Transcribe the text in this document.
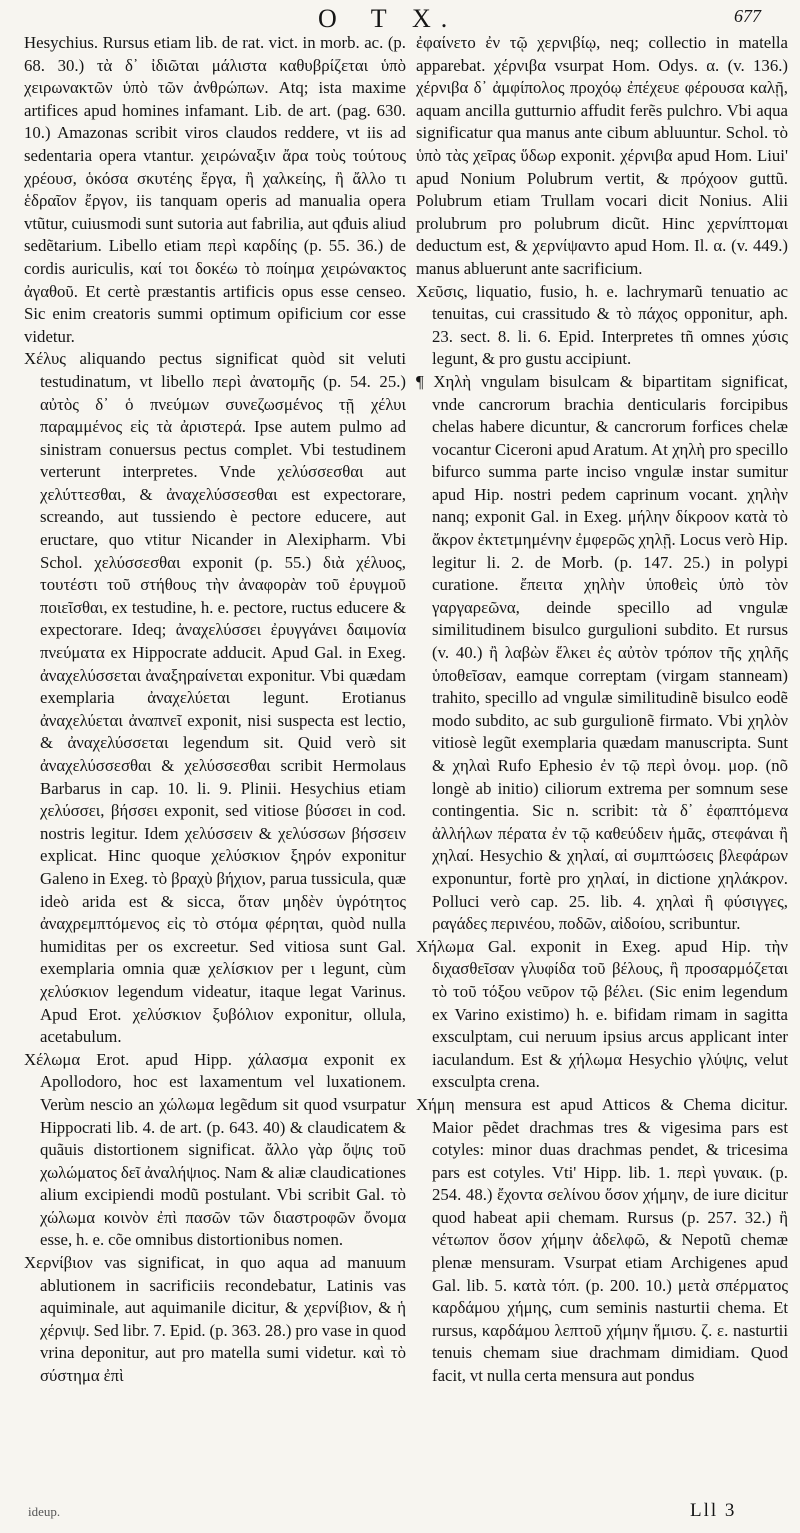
O T X.	677

Hesychius. Rursus etiam lib. de rat. vict. in morb. ac. (p. 68. 30.) τὰ δ᾽ ἰδιῶται μάλιστα καθυβρίζεται ὑπὸ χειρωνακτῶν ὑπὸ τῶν ἀνθρώπων. Atq; ista maxime artifices apud homines infamant. Lib. de art. (pag. 630. 10.) Amazonas scribit viros claudos reddere, vt iis ad sedentaria opera vtantur. χειρώναξιν ἄρα τοὺς τούτους χρέουσ, ὁκόσα σκυτέης ἔργα, ἢ χαλκείης, ἢ ἄλλο τι ἑδραῖον ἔργον, iis tanquam operis ad manualia opera vtũtur, cuiusmodi sunt sutoria aut fabrilia, aut qđuis aliud sedẽtarium. Libello etiam περὶ καρδίης (p. 55. 36.) de cordis auriculis, καί τοι δοκέω τὸ ποίημα χειρώνακτος ἀγαθοῦ. Et certè præstantis artificis opus esse censeo. Sic enim creatoris summi optimum opificium cor esse videtur.

Χέλυς aliquando pectus significat quòd sit veluti testudinatum, vt libello περὶ ἀνατομῆς (p. 54. 25.) αὐτὸς δ᾽ ὁ πνεύμων συνεζωσμένος τῇ χέλυι παραμμένος εἰς τὰ ἀριστερά. Ipse autem pulmo ad sinistram conuersus pectus complet. Vbi testudinem verterunt interpretes. Vnde χελύσσεσθαι aut χελύττεσθαι, & ἀναχελύσσεσθαι est expectorare, screando, aut tussiendo è pectore educere, aut eructare, quo vtitur Nicander in Alexipharm. Vbi Schol. χελύσσεσθαι exponit (p. 55.) διὰ χέλυος, τουτέστι τοῦ στήθους τὴν ἀναφορὰν τοῦ ἐρυγμοῦ ποιεῖσθαι, ex testudine, h. e. pectore, ructus educere & expectorare. Ideq; ἀναχελύσσει ἐρυγγάνει δαιμονία πνεύματα ex Hippocrate adducit. Apud Gal. in Exeg. ἀναχελύσσεται ἀναξηραίνεται exponitur. Vbi quædam exemplaria ἀναχελύεται legunt. Erotianus ἀναχελύεται ἀναπνεῖ exponit, nisi suspecta est lectio, & ἀναχελύσσεται legendum sit. Quid verò sit ἀναχελύσσεσθαι & χελύσσεσθαι scribit Hermolaus Barbarus in cap. 10. li. 9. Plinii. Hesychius etiam χελύσσει, βήσσει exponit, sed vitiose βύσσει in cod. nostris legitur. Idem χελύσσειν & χελύσσων βήσσειν explicat. Hinc quoque χελύσκιον ξηρόν exponitur Galeno in Exeg. τὸ βραχὺ βήχιον, parua tussicula, quæ ideò arida est & sicca, ὅταν μηδὲν ὑγρότητος ἀναχρεμπτόμενος εἰς τὸ στόμα φέρηται, quòd nulla humiditas per os excreetur. Sed vitiosa sunt Gal. exemplaria omnia quæ χελίσκιον per ι legunt, cùm χελύσκιον legendum videatur, itaque legat Varinus. Apud Erot. χελύσκιον ξυβόλιον exponitur, ollula, acetabulum.

Χέλωμα Erot. apud Hipp. χάλασμα exponit ex Apollodoro, hoc est laxamentum vel luxationem. Verùm nescio an χώλωμα legẽdum sit quod vsurpatur Hippocrati lib. 4. de art. (p. 643. 40) & claudicatem & quãuis distortionem significat. ἄλλο γὰρ ὄψις τοῦ χωλώματος δεῖ ἀναλήψιος. Nam & aliæ claudicationes alium excipiendi modũ postulant. Vbi scribit Gal. τὸ χώλωμα κοινὸν ἐπὶ πασῶν τῶν διαστροφῶν ὄνομα esse, h. e. cõe omnibus distortionibus nomen.

Χερνίβιον vas significat, in quo aqua ad manuum ablutionem in sacrificiis recondebatur, Latinis vas aquiminale, aut aquimanile dicitur, & χερνίβιον, & ἡ χέρνιψ. Sed libr. 7. Epid. (p. 363. 28.) pro vase in quod vrina deponitur, aut pro matella sumi videtur. καὶ τὸ σύστημα ἐπὶ

ἐφαίνετο ἐν τῷ χερνιβίῳ, neq; collectio in matella apparebat. χέρνιβα vsurpat Hom. Odys. α. (v. 136.) χέρνιβα δ᾽ ἀμφίπολος προχόῳ ἐπέχευε φέρουσα καλῇ, aquam ancilla gutturnio affudit ferẽs pulchro. Vbi aqua significatur qua manus ante cibum abluuntur. Schol. τὸ ὑπὸ τὰς χεῖρας ὕδωρ exponit. χέρνιβα apud Hom. Liui' apud Nonium Polubrum vertit, & πρόχοον guttũ. Polubrum etiam Trullam vocari dicit Nonius. Alii prolubrum pro polubrum dicũt. Hinc χερνίπτομαι deductum est, & χερνίψαντο apud Hom. Il. α. (v. 449.) manus abluerunt ante sacrificium.

Χεῦσις, liquatio, fusio, h. e. lachrymarũ tenuatio ac tenuitas, cui crassitudo & τὸ πάχος opponitur, aph. 23. sect. 8. li. 6. Epid. Interpretes tñ omnes χύσις legunt, & pro gustu accipiunt.

¶ Χηλὴ vngulam bisulcam & bipartitam significat, vnde cancrorum brachia denticularis forcipibus chelas habere dicuntur, & cancrorum forfices chelæ vocantur Ciceroni apud Aratum. At χηλὴ pro specillo bifurco summa parte inciso vngulæ instar sumitur apud Hip. nostri pedem caprinum vocant. χηλὴν nanq; exponit Gal. in Exeg. μήλην δίκροον κατὰ τὸ ἄκρον ἐκτετμημένην ἐμφερῶς χηλῇ. Locus verò Hip. legitur li. 2. de Morb. (p. 147. 25.) in polypi curatione. ἔπειτα χηλὴν ὑποθεὶς ὑπὸ τὸν γαργαρεῶνα, deinde specillo ad vngulæ similitudinem bisulco gurgulioni subdito. Et rursus (v. 40.) ἢ λαβὼν ἕλκει ἐς αὐτὸν τρόπον τῆς χηλῆς ὑποθεῖσαν, eamque correptam (virgam stanneam) trahito, specillo ad vngulæ similitudinẽ bisulco eodẽ modo subdito, ac sub gurgulionẽ firmato. Vbi χηλὸν vitiosè legũt exemplaria quædam manuscripta. Sunt & χηλαὶ Rufo Ephesio ἐν τῷ περὶ ὀνομ. μορ. (nõ longè ab initio) ciliorum extrema per somnum sese contingentia. Sic n. scribit: τὰ δ᾽ ἐφαπτόμενα ἀλλήλων πέρατα ἐν τῷ καθεύδειν ἡμᾶς, στεφάναι ἢ χηλαί. Hesychio & χηλαί, αἱ συμπτώσεις βλεφάρων exponuntur, fortè pro χηλαί, in dictione χηλάκρον. Polluci verò cap. 25. lib. 4. χηλαὶ ἢ φύσιγγες, ραγάδες περινέου, ποδῶν, αἰδοίου, scribuntur.

Χήλωμα Gal. exponit in Exeg. apud Hip. τὴν διχασθεῖσαν γλυφίδα τοῦ βέλους, ἢ προσαρμόζεται τὸ τοῦ τόξου νεῦρον τῷ βέλει. (Sic enim legendum ex Varino existimo) h. e. bifidam rimam in sagitta exsculptam, cui neruum ipsius arcus applicant inter iaculandum. Est & χήλωμα Hesychio γλύψις, velut exsculpta crena.

Χήμη mensura est apud Atticos & Chema dicitur. Maior pẽdet drachmas tres & vigesima pars est cotyles: minor duas drachmas pendet, & tricesima pars est cotyles. Vti' Hipp. lib. 1. περὶ γυναικ. (p. 254. 48.) ἔχοντα σελίνου ὅσον χήμην, de iure dicitur quod habeat apii chemam. Rursus (p. 257. 32.) ἢ νέτωπον ὅσον χήμην ἀδελφῶ, & Nepotũ chemæ plenæ mensuram. Vsurpat etiam Archigenes apud Gal. lib. 5. κατὰ τόπ. (p. 200. 10.) μετὰ σπέρματος καρδάμου χήμης, cum seminis nasturtii chema. Et rursus, καρδάμου λεπτοῦ χήμην ἥμισυ. ζ. ε. nasturtii tenuis chemam siue drachmam dimidiam. Quod facit, vt nulla certa mensura aut pondus

ideup.	Lll 3
